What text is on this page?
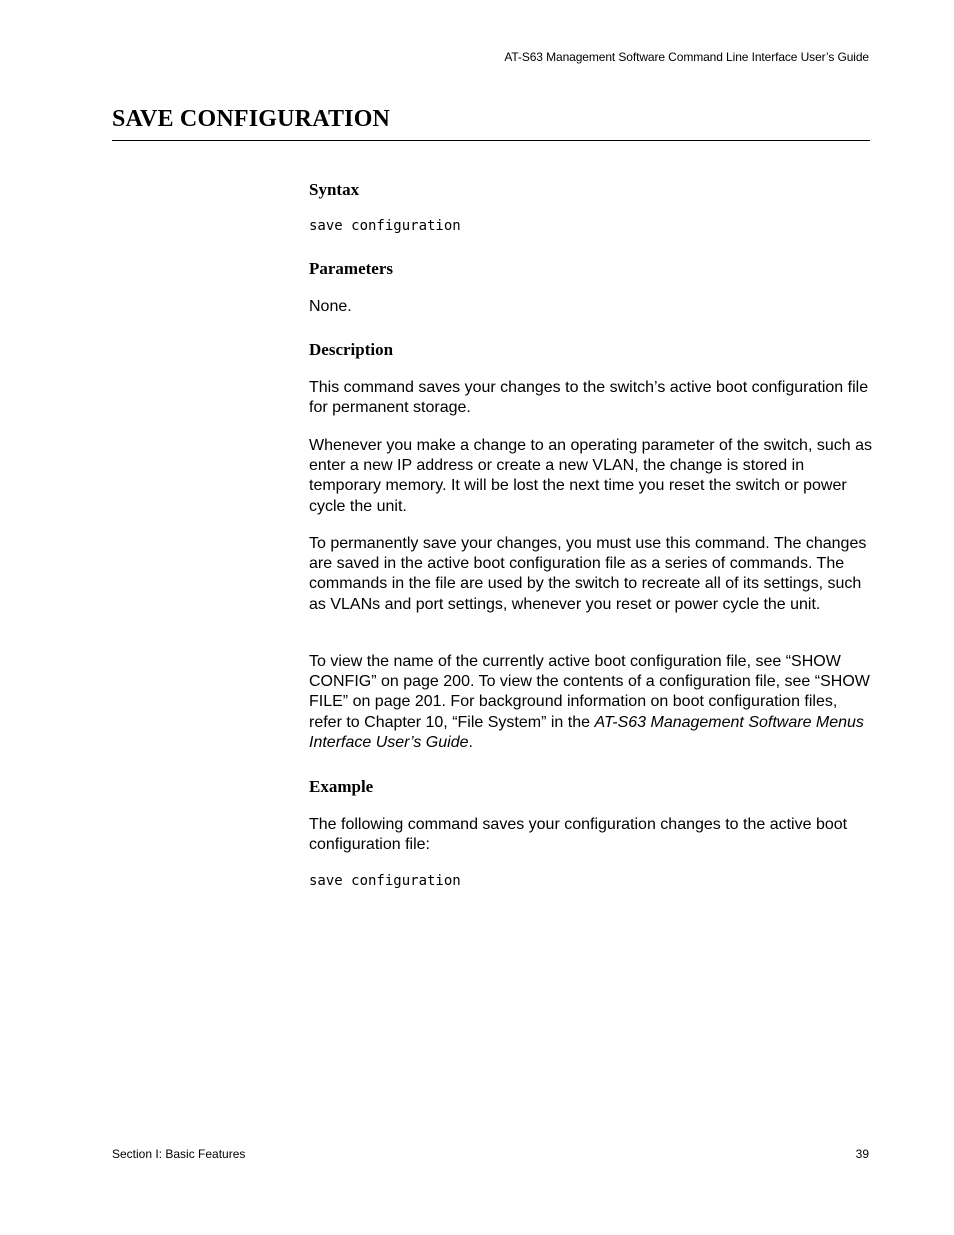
AT-S63 Management Software Command Line Interface User’s Guide
SAVE CONFIGURATION
Syntax
save configuration
Parameters

None.

Description

This command saves your changes to the switch’s active boot configuration file for permanent storage.

Whenever you make a change to an operating parameter of the switch, such as enter a new IP address or create a new VLAN, the change is stored in temporary memory. It will be lost the next time you reset the switch or power cycle the unit.

To permanently save your changes, you must use this command. The changes are saved in the active boot configuration file as a series of commands. The commands in the file are used by the switch to recreate all of its settings, such as VLANs and port settings, whenever you reset or power cycle the unit.

To view the name of the currently active boot configuration file, see “SHOW CONFIG” on page 200. To view the contents of a configuration file, see “SHOW FILE” on page 201. For background information on boot configuration files, refer to Chapter 10, “File System” in the AT-S63 Management Software Menus Interface User’s Guide.

Example

The following command saves your configuration changes to the active boot configuration file:

save configuration
Section I: Basic Features	39
